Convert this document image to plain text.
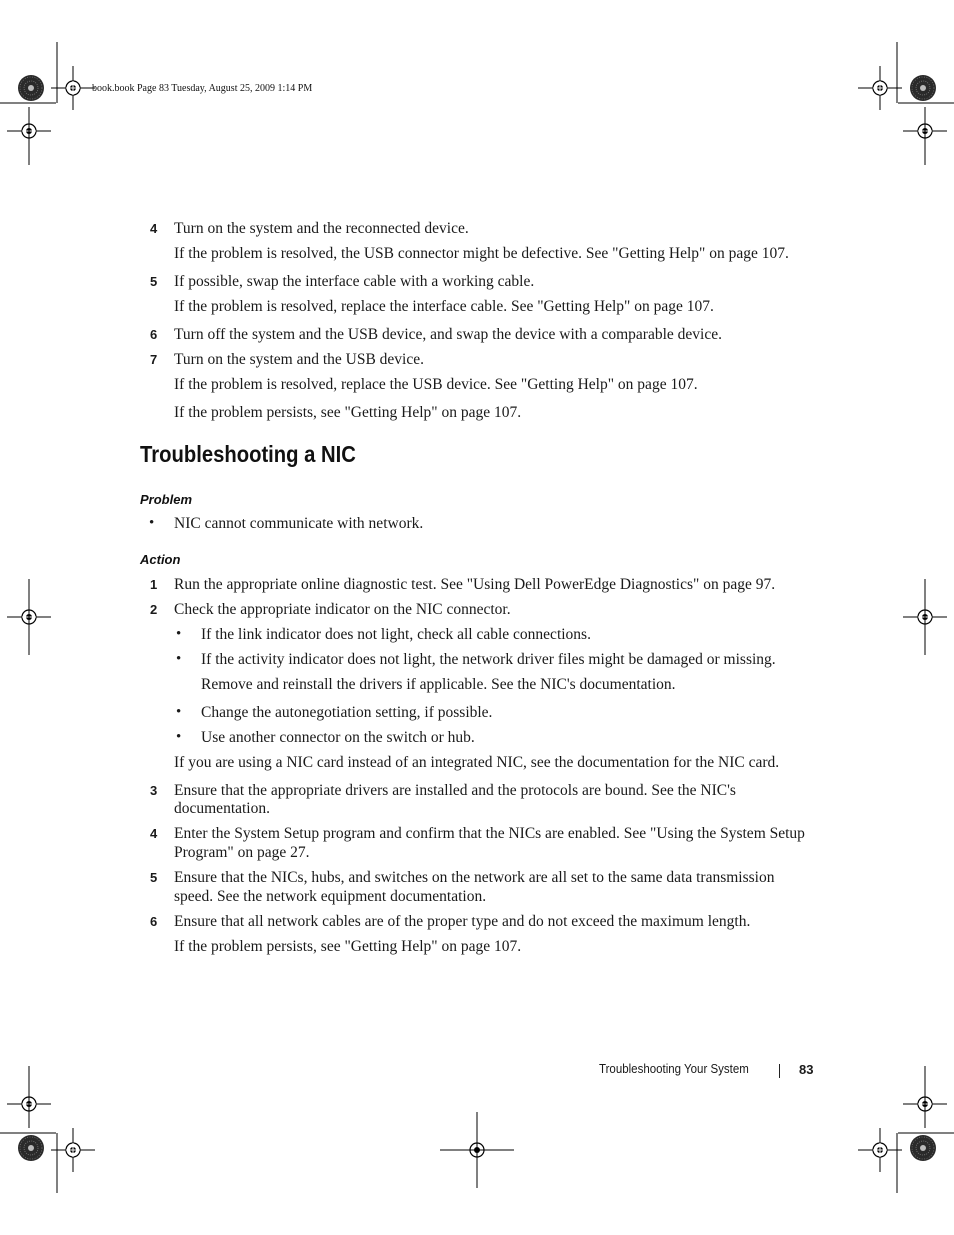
book.book Page 83 Tuesday, August 25, 2009 1:14 PM
4 Turn on the system and the reconnected device.
If the problem is resolved, the USB connector might be defective. See "Getting Help" on page 107.
5 If possible, swap the interface cable with a working cable.
If the problem is resolved, replace the interface cable. See "Getting Help" on page 107.
6 Turn off the system and the USB device, and swap the device with a comparable device.
7 Turn on the system and the USB device.
If the problem is resolved, replace the USB device. See "Getting Help" on page 107.
If the problem persists, see "Getting Help" on page 107.
Troubleshooting a NIC
Problem
• NIC cannot communicate with network.
Action
1 Run the appropriate online diagnostic test. See "Using Dell PowerEdge Diagnostics" on page 97.
2 Check the appropriate indicator on the NIC connector.
• If the link indicator does not light, check all cable connections.
• If the activity indicator does not light, the network driver files might be damaged or missing.
Remove and reinstall the drivers if applicable. See the NIC's documentation.
• Change the autonegotiation setting, if possible.
• Use another connector on the switch or hub.
If you are using a NIC card instead of an integrated NIC, see the documentation for the NIC card.
3 Ensure that the appropriate drivers are installed and the protocols are bound. See the NIC's
documentation.
4 Enter the System Setup program and confirm that the NICs are enabled. See "Using the System Setup
Program" on page 27.
5 Ensure that the NICs, hubs, and switches on the network are all set to the same data transmission
speed. See the network equipment documentation.
6 Ensure that all network cables are of the proper type and do not exceed the maximum length.
If the problem persists, see "Getting Help" on page 107.
Troubleshooting Your System	83
